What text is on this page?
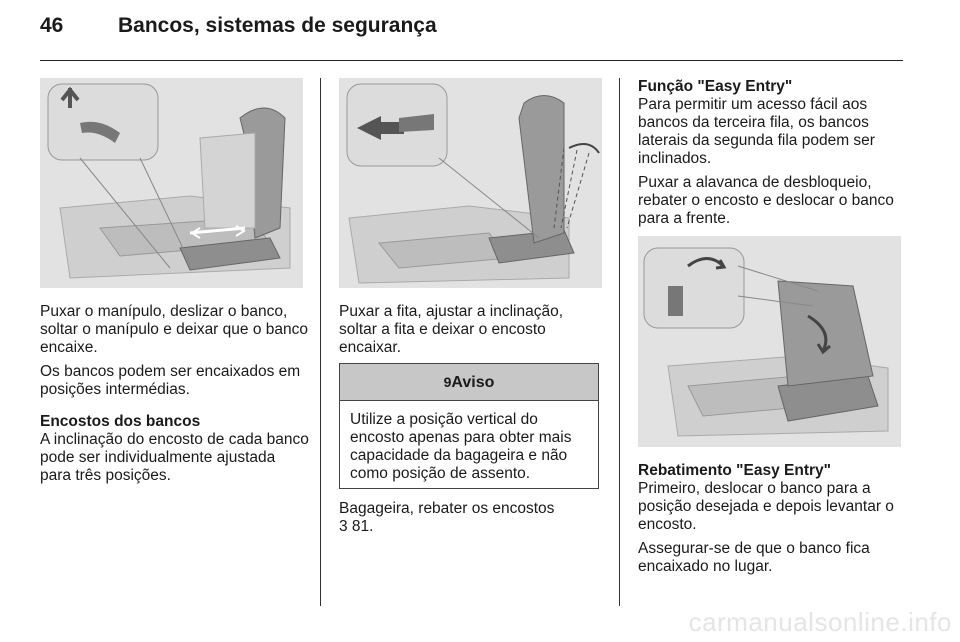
46	Bancos, sistemas de segurança

Puxar o manípulo, deslizar o banco, soltar o manípulo e deixar que o banco encaixe.

Os bancos podem ser encaixados em posições intermédias.

Encostos dos bancos
A inclinação do encosto de cada banco pode ser individualmente ajustada para três posições.

Puxar a fita, ajustar a inclinação, soltar a fita e deixar o encosto encaixar.

9Aviso
Utilize a posição vertical do encosto apenas para obter mais capacidade da bagageira e não como posição de assento.

Bagageira, rebater os encostos
3 81.

Função "Easy Entry"
Para permitir um acesso fácil aos bancos da terceira fila, os bancos laterais da segunda fila podem ser inclinados.

Puxar a alavanca de desbloqueio, rebater o encosto e deslocar o banco para a frente.

Rebatimento "Easy Entry"
Primeiro, deslocar o banco para a posição desejada e depois levantar o encosto.

Assegurar-se de que o banco fica encaixado no lugar.

carmanualsonline.info
